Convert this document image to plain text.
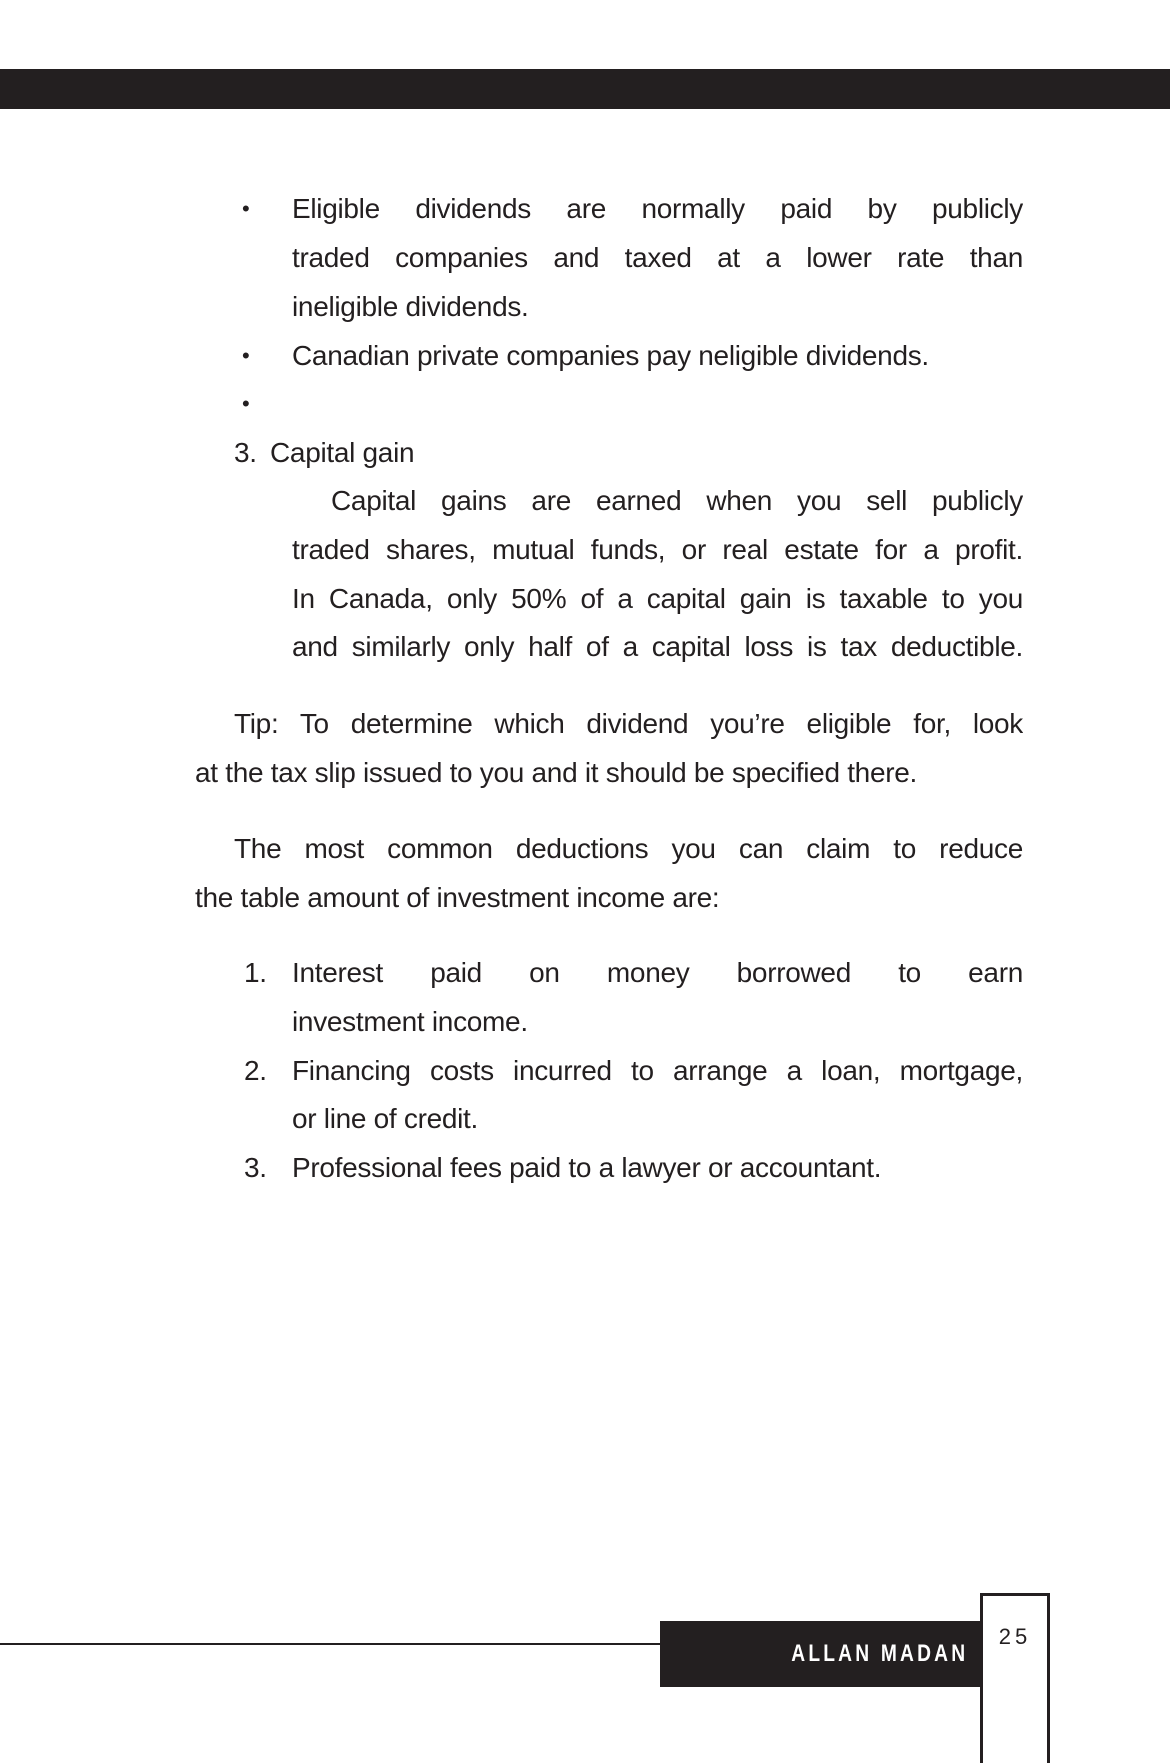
• Eligible dividends are normally paid by publicly
traded companies and taxed at a lower rate than
ineligible dividends.
• Canadian private companies pay neligible dividends.
•
3. Capital gain
Capital gains are earned when you sell publicly
traded shares, mutual funds, or real estate for a profit.
In Canada, only 50% of a capital gain is taxable to you
and similarly only half of a capital loss is tax deductible.
Tip: To determine which dividend you’re eligible for, look
at the tax slip issued to you and it should be specified there.
The most common deductions you can claim to reduce
the table amount of investment income are:
1. Interest paid on money borrowed to earn
investment income.
2. Financing costs incurred to arrange a loan, mortgage,
or line of credit.
3. Professional fees paid to a lawyer or accountant.
ALLAN MADAN
25
